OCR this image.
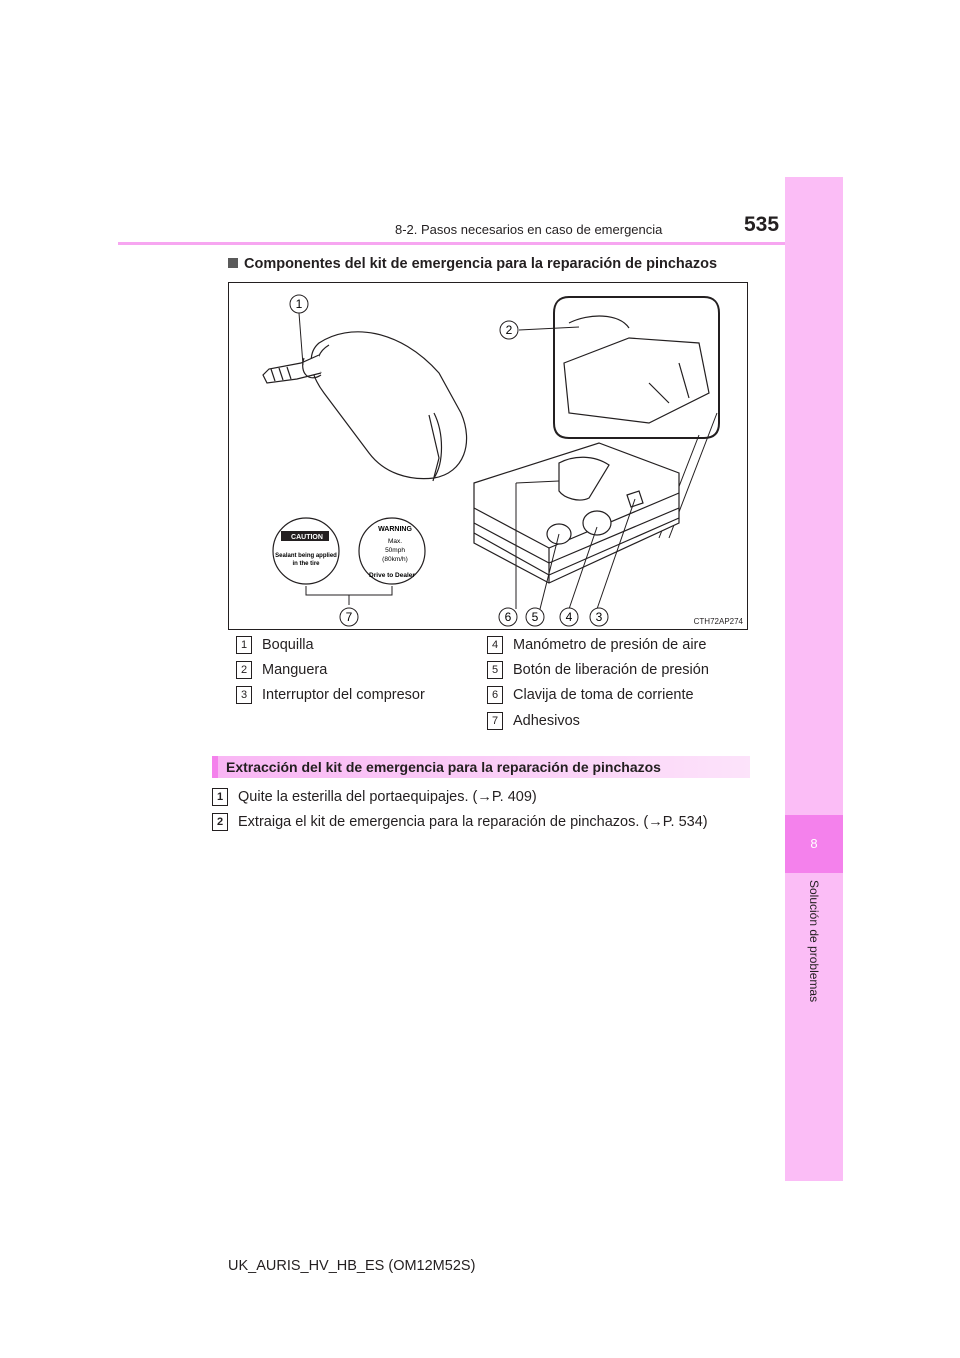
8
Solución de problemas
8-2. Pasos necesarios en caso de emergencia	535
Componentes del kit de emergencia para la reparación de pinchazos
1
2
6 5 4 3
CAUTION
Sealant being applied
in the tire
WARNING
Max.
50mph
(80km/h)
Drive to Dealer
7	CTH72AP274
1 Boquilla
2 Manguera
3 Interruptor del compresor
4 Manómetro de presión de aire
5 Botón de liberación de presión
6 Clavija de toma de corriente
7 Adhesivos
Extracción del kit de emergencia para la reparación de pinchazos
1 Quite la esterilla del portaequipajes. (→P. 409)
2 Extraiga el kit de emergencia para la reparación de pinchazos. (→P. 534)
UK_AURIS_HV_HB_ES (OM12M52S)
